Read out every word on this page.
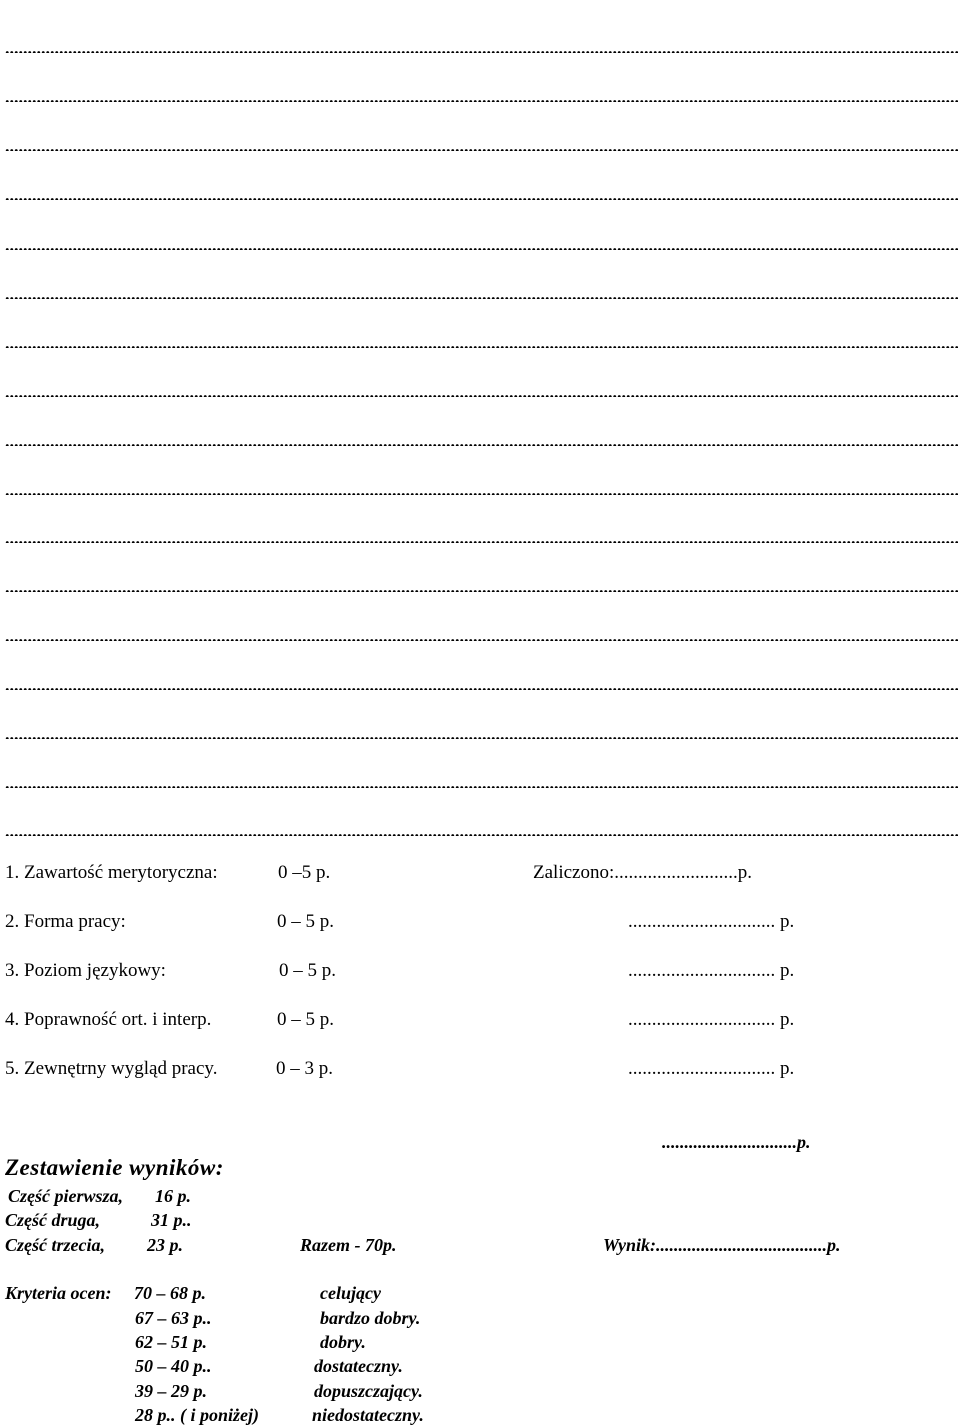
.....
.....
.....
.....
.....
.....
.....
.....
.....
.....
.....
.....
.....
.....
.....
.....
.....
1. Zawartość merytoryczna:	0 –5 p.	Zaliczono:..........................p.
2. Forma pracy:	0 – 5 p.	............................... p.
3. Poziom językowy:	0 – 5 p.	............................... p.
4. Poprawność ort. i interp.	0 – 5 p.	............................... p.
5. Zewnętrny wygląd pracy.	0 – 3 p.	............................... p.
..............................p.
Zestawienie wyników:
Część pierwsza, 16 p.
Część druga,	31 p..
Część trzecia, 23 p.	Razem - 70p.	Wynik:......................................p.
Kryteria ocen: 70 – 68 p.	celujący
67 – 63 p..	bardzo dobry.
62 – 51 p.	dobry.
50 – 40 p..	dostateczny.
39 – 29 p.	dopuszczający.
28 p.. ( i poniżej)	niedostateczny.
